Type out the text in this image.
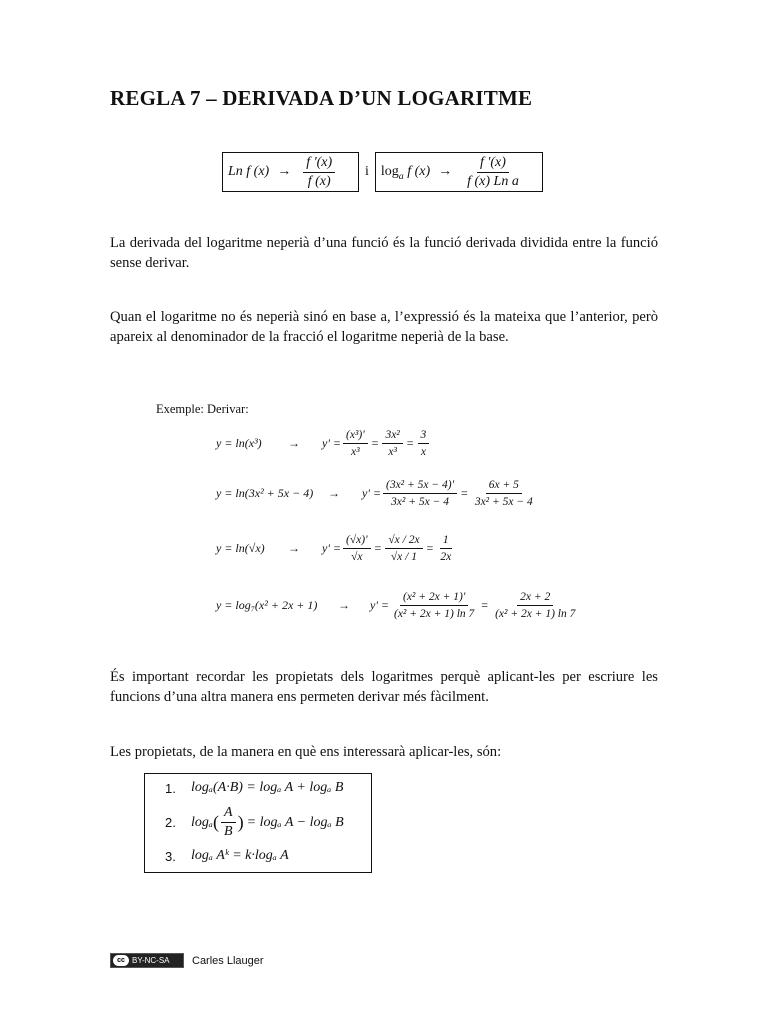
REGLA 7 – DERIVADA D’UN LOGARITME
Ln f $(x) \to \frac{f '(x)}{f (x)}$ i $\log_a f$ $(x) \to \frac{f '(x)}{\text{f (x) Ln a}}$
La derivada del logaritme neperià d’una funció és la funció derivada dividida entre la funció sense derivar.
Quan el logaritme no és neperià sinó en base a, l’expressió és la mateixa que l’anterior, però apareix al denominador de la fracció el logaritme neperià de la base.
Exemple: Derivar:
y = ln(x³)	→ $y' = \frac{\text{(x³)'}}{\text{x³}} = \frac{\text{3x²}}{\text{x³}} = \frac{3}{x}$
$y = \ln(3x^2 + 5x - 4) \to y' = \frac{\text{(3x² + 5x − 4)'}}{\text{3x² + 5x − 4}} = \frac{6x + 5}{\text{3x² + 5x − 4}}$
y = ln(√x)	→ $y' = \frac{(√x)'}{√x} = \frac{√x / 2x}{√x / 1} = \frac{1}{2x}$
y = log₇(x² + 2x + 1)	→ $y' = \frac{\text{(x² + 2x + 1)'}}{\text{(x² + 2x + 1) ln 7}} = \frac{2x + 2}{\text{(x² + 2x + 1) ln 7}}$
És important recordar les propietats dels logaritmes perquè aplicant-les per escriure les funcions d’una altra manera ens permeten derivar més fàcilment.
Les propietats, de la manera en què ens interessarà aplicar-les, són:
1.	logₐ(A·B) = logₐ A + logₐ B
2.	logₐ ( $\frac{A}{B}$ ) = logₐ A − logₐ B
3.	logₐ Aᵏ = k·logₐ A
cc BY-NC-SA Carles Llauger
